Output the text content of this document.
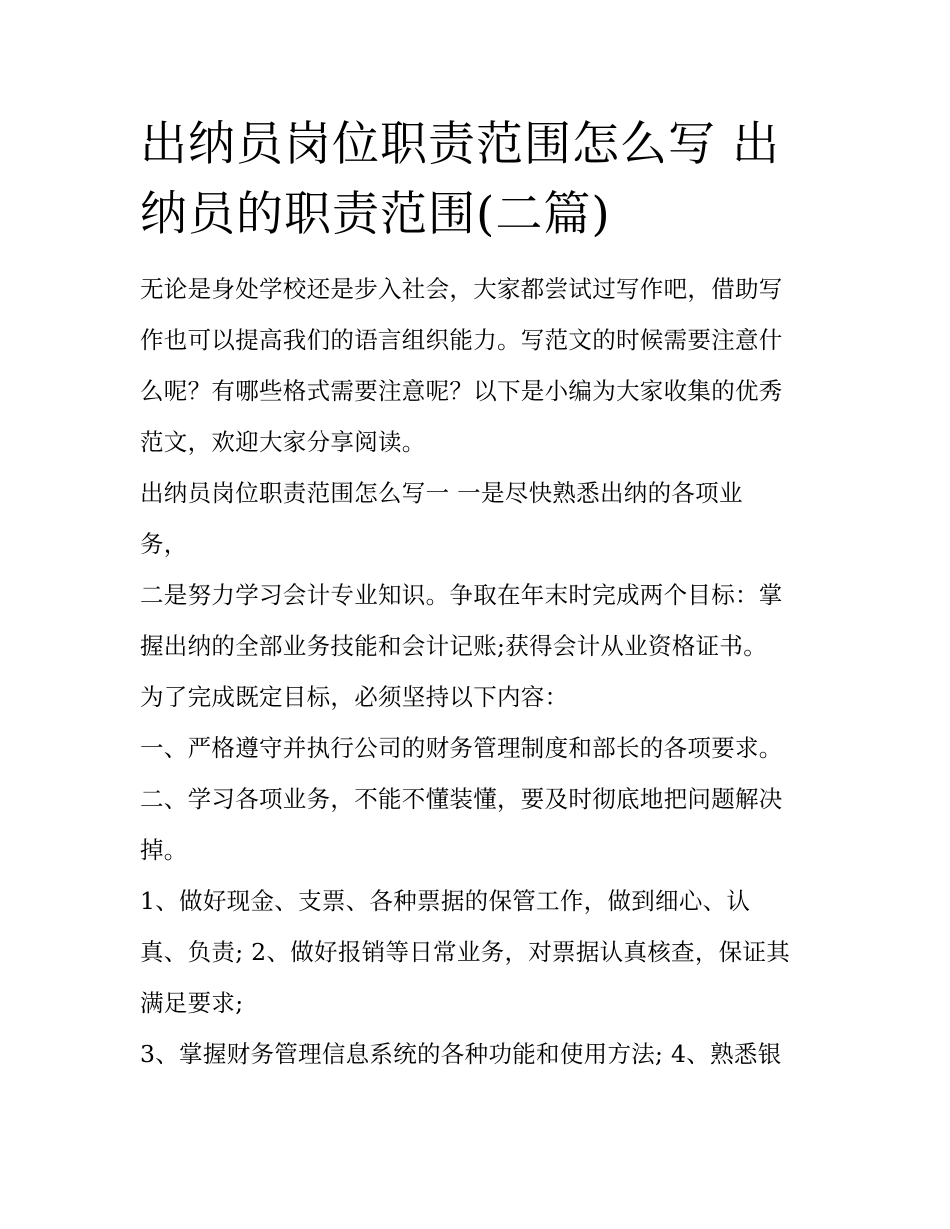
出纳员岗位职责范围怎么写 出
纳员的职责范围(二篇)
无论是身处学校还是步入社会，大家都尝试过写作吧，借助写
作也可以提高我们的语言组织能力。写范文的时候需要注意什
么呢？有哪些格式需要注意呢？以下是小编为大家收集的优秀
范文，欢迎大家分享阅读。
出纳员岗位职责范围怎么写一 一是尽快熟悉出纳的各项业
务，
二是努力学习会计专业知识。争取在年末时完成两个目标：掌
握出纳的全部业务技能和会计记账;获得会计从业资格证书。
为了完成既定目标，必须坚持以下内容：
一、严格遵守并执行公司的财务管理制度和部长的各项要求。
二、学习各项业务，不能不懂装懂，要及时彻底地把问题解决
掉。
1、做好现金、支票、各种票据的保管工作，做到细心、认
真、负责; 2、做好报销等日常业务，对票据认真核查，保证其
满足要求;
3、掌握财务管理信息系统的各种功能和使用方法; 4、熟悉银
